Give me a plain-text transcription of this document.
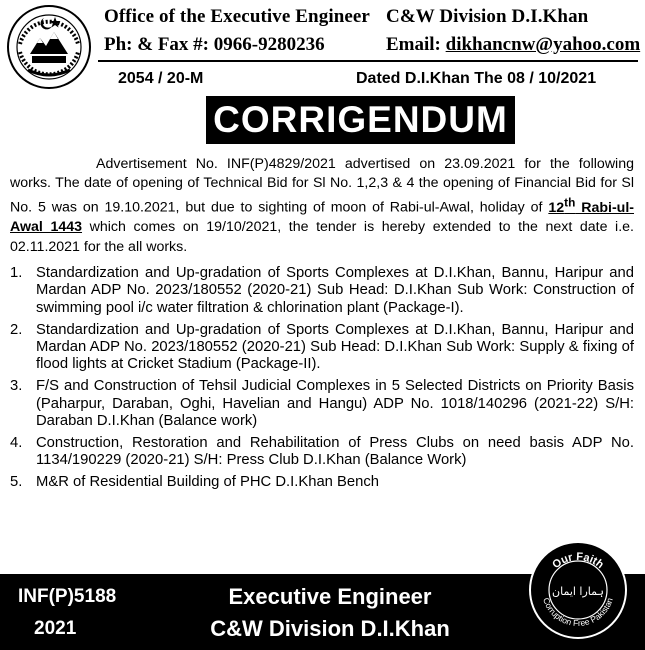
Office of the Executive Engineer C&W Division D.I.Khan
Ph: & Fax #: 0966-9280236	Email: dikhancnw@yahoo.com
2054 / 20-M	Dated D.I.Khan The 08 / 10/2021
CORRIGENDUM

Advertisement No. INF(P)4829/2021 advertised on 23.09.2021 for the following works. The date of opening of Technical Bid for Sl No. 1,2,3 & 4 the opening of Financial Bid for Sl No. 5 was on 19.10.2021, but due to sighting of moon of Rabi-ul-Awal, holiday of 12th Rabi-ul-Awal 1443 which comes on 19/10/2021, the tender is hereby extended to the next date i.e. 02.11.2021 for the all works.

1. Standardization and Up-gradation of Sports Complexes at D.I.Khan, Bannu, Haripur and Mardan ADP No. 2023/180552 (2020-21) Sub Head: D.I.Khan Sub Work: Construction of swimming pool i/c water filtration & chlorination plant (Package-I).
2. Standardization and Up-gradation of Sports Complexes at D.I.Khan, Bannu, Haripur and Mardan ADP No. 2023/180552 (2020-21) Sub Head: D.I.Khan Sub Work: Supply & fixing of flood lights at Cricket Stadium (Package-II).
3. F/S and Construction of Tehsil Judicial Complexes in 5 Selected Districts on Priority Basis (Paharpur, Daraban, Oghi, Havelian and Hangu) ADP No. 1018/140296 (2021-22) S/H: Daraban D.I.Khan (Balance work)
4. Construction, Restoration and Rehabilitation of Press Clubs on need basis ADP No. 1134/190229 (2020-21) S/H: Press Club D.I.Khan (Balance Work)
5. M&R of Residential Building of PHC D.I.Khan Bench
INF(P)5188
2021
Executive Engineer
C&W Division D.I.Khan
Our Faith
Corruption Free Pakistan
ہمارا ایمان
